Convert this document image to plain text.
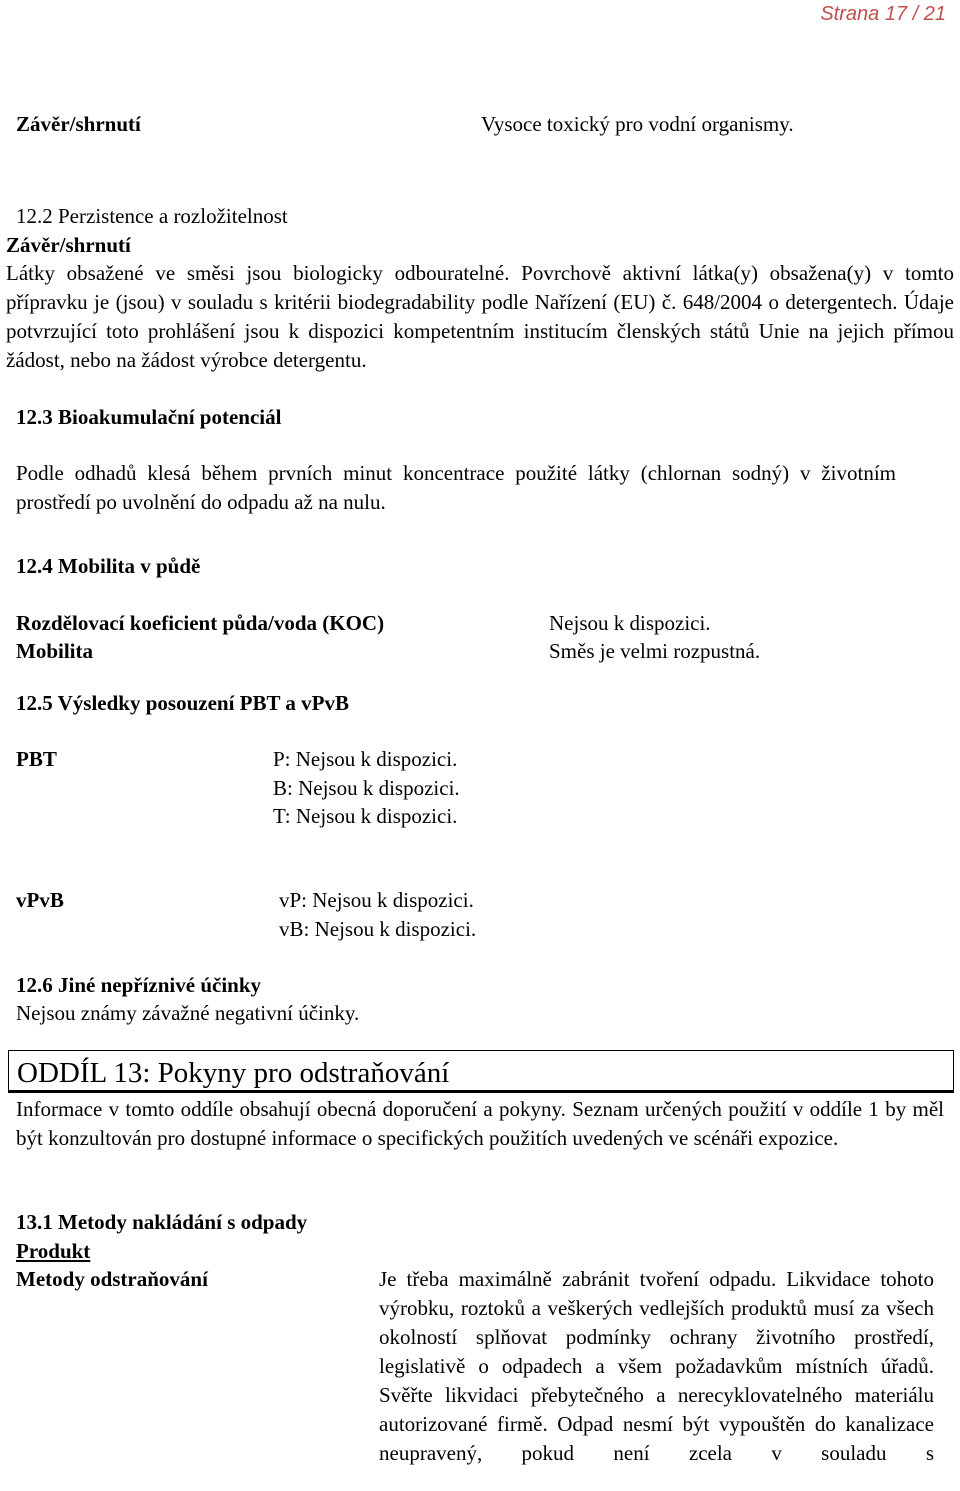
Strana 17 / 21
Závěr/shrnutí	Vysoce toxický pro vodní organismy.
12.2 Perzistence a rozložitelnost
Závěr/shrnutí
Látky obsažené ve směsi jsou biologicky odbouratelné. Povrchově aktivní látka(y) obsažena(y) v tomto přípravku je (jsou) v souladu s kritérii biodegradability podle Nařízení (EU) č. 648/2004 o detergentech. Údaje potvrzující toto prohlášení jsou k dispozici kompetentním institucím členských států Unie na jejich přímou žádost, nebo na žádost výrobce detergentu.
12.3 Bioakumulační potenciál
Podle odhadů klesá během prvních minut koncentrace použité látky (chlornan sodný) v životním prostředí po uvolnění do odpadu až na nulu.
12.4 Mobilita v půdě
Rozdělovací koeficient půda/voda (KOC)	Nejsou k dispozici.
Mobilita	Směs je velmi rozpustná.
12.5 Výsledky posouzení PBT a vPvB
PBT	P: Nejsou k dispozici.
B: Nejsou k dispozici.
T: Nejsou k dispozici.
vPvB	vP: Nejsou k dispozici.
vB: Nejsou k dispozici.
12.6 Jiné nepříznivé účinky
Nejsou známy závažné negativní účinky.
ODDÍL 13: Pokyny pro odstraňování
Informace v tomto oddíle obsahují obecná doporučení a pokyny. Seznam určených použití v oddíle 1 by měl být konzultován pro dostupné informace o specifických použitích uvedených ve scénáři expozice.
13.1 Metody nakládání s odpady
Produkt
Metody odstraňování	Je třeba maximálně zabránit tvoření odpadu. Likvidace tohoto výrobku, roztoků a veškerých vedlejších produktů musí za všech okolností splňovat podmínky ochrany životního prostředí, legislativě o odpadech a všem požadavkům místních úřadů. Svěřte likvidaci přebytečného a nerecyklovatelného materiálu autorizované firmě. Odpad nesmí být vypouštěn do kanalizace neupravený, pokud není zcela v souladu s
